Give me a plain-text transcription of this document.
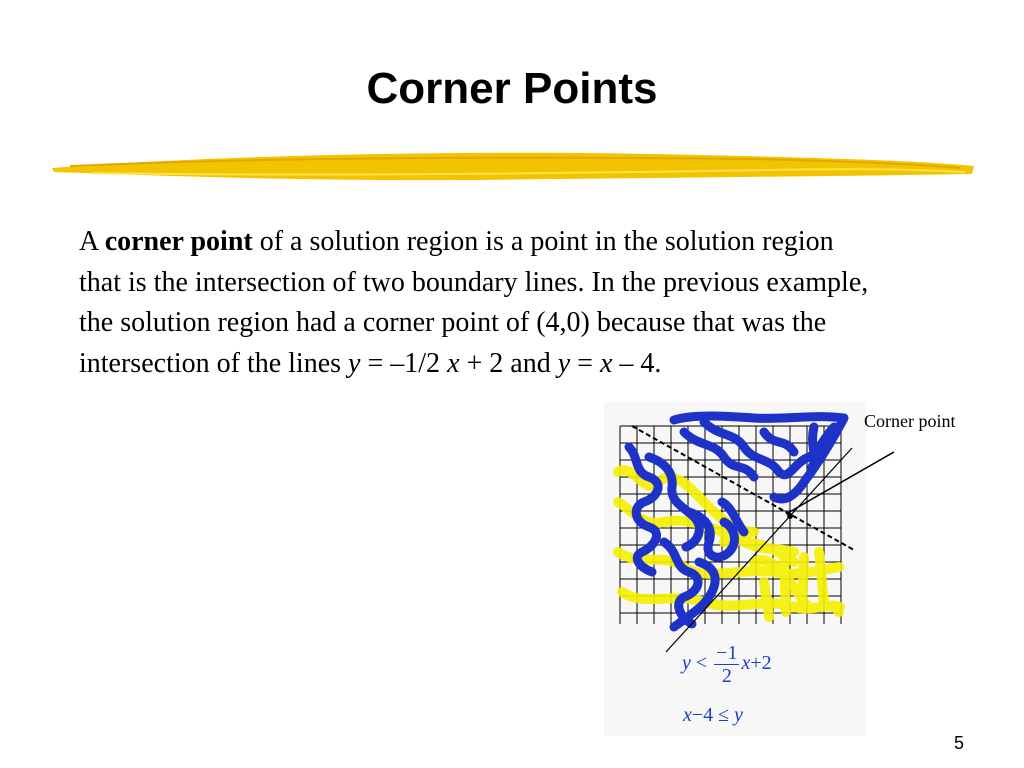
Corner Points
A corner point of a solution region is a point in the solution region that is the intersection of two boundary lines. In the previous example, the solution region had a corner point of (4,0) because that was the intersection of the lines y = –1/2 x + 2 and y = x – 4.
Corner point
$y < \frac{-1}{2} x+2$
x−4 ≤ y
5
